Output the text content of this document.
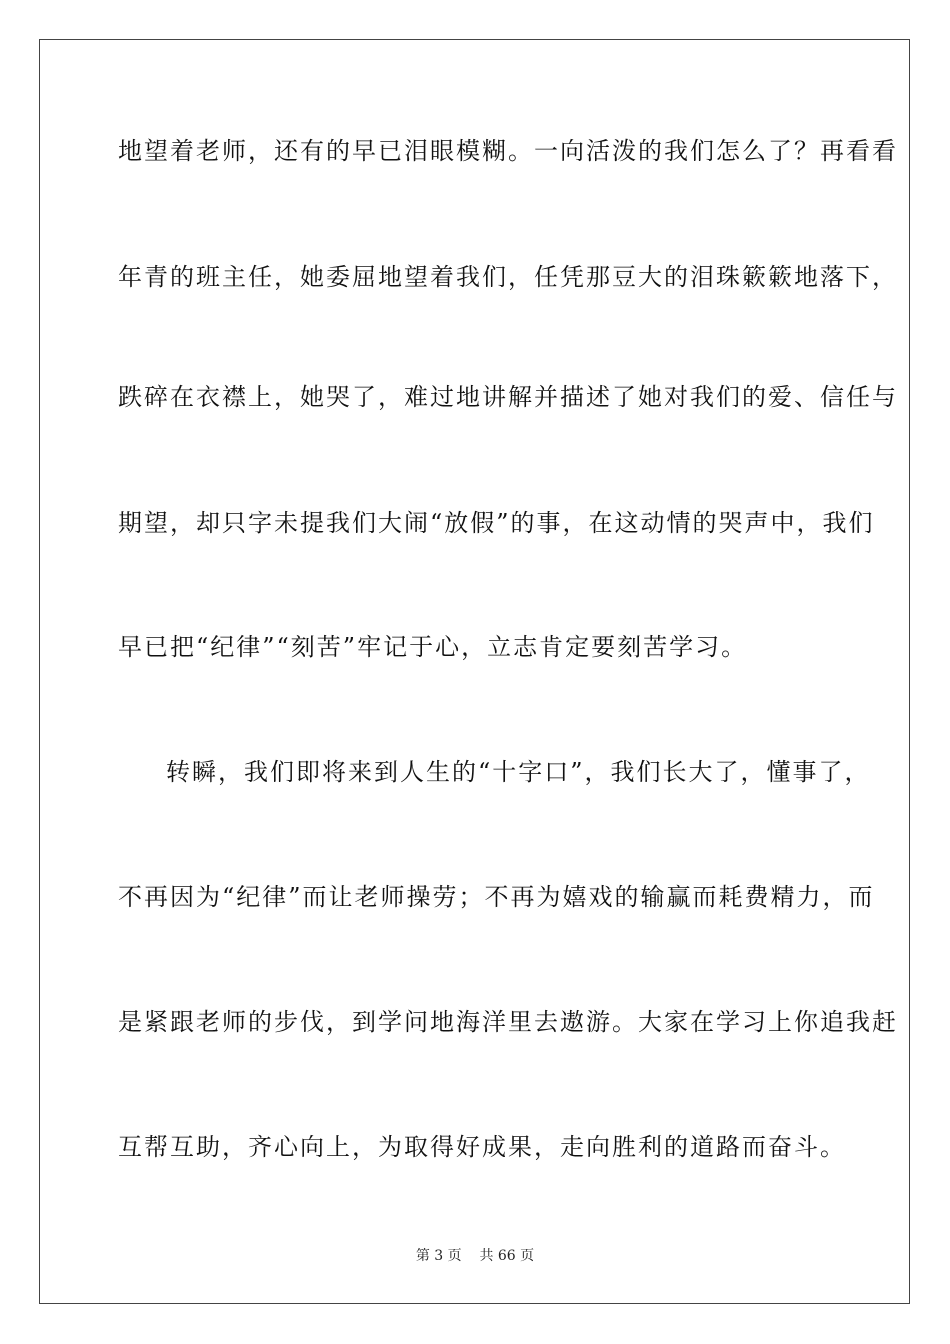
地望着老师，还有的早已泪眼模糊。一向活泼的我们怎么了？再看看
年青的班主任，她委屈地望着我们，任凭那豆大的泪珠簌簌地落下，
跌碎在衣襟上，她哭了，难过地讲解并描述了她对我们的爱、信任与
期望，却只字未提我们大闹“放假”的事，在这动情的哭声中，我们
早已把“纪律”“刻苦”牢记于心，立志肯定要刻苦学习。
转瞬，我们即将来到人生的“十字口”，我们长大了，懂事了，
不再因为“纪律”而让老师操劳；不再为嬉戏的输赢而耗费精力，而
是紧跟老师的步伐，到学问地海洋里去遨游。大家在学习上你追我赶
互帮互助，齐心向上，为取得好成果，走向胜利的道路而奋斗。
第 3 页 共 66 页
